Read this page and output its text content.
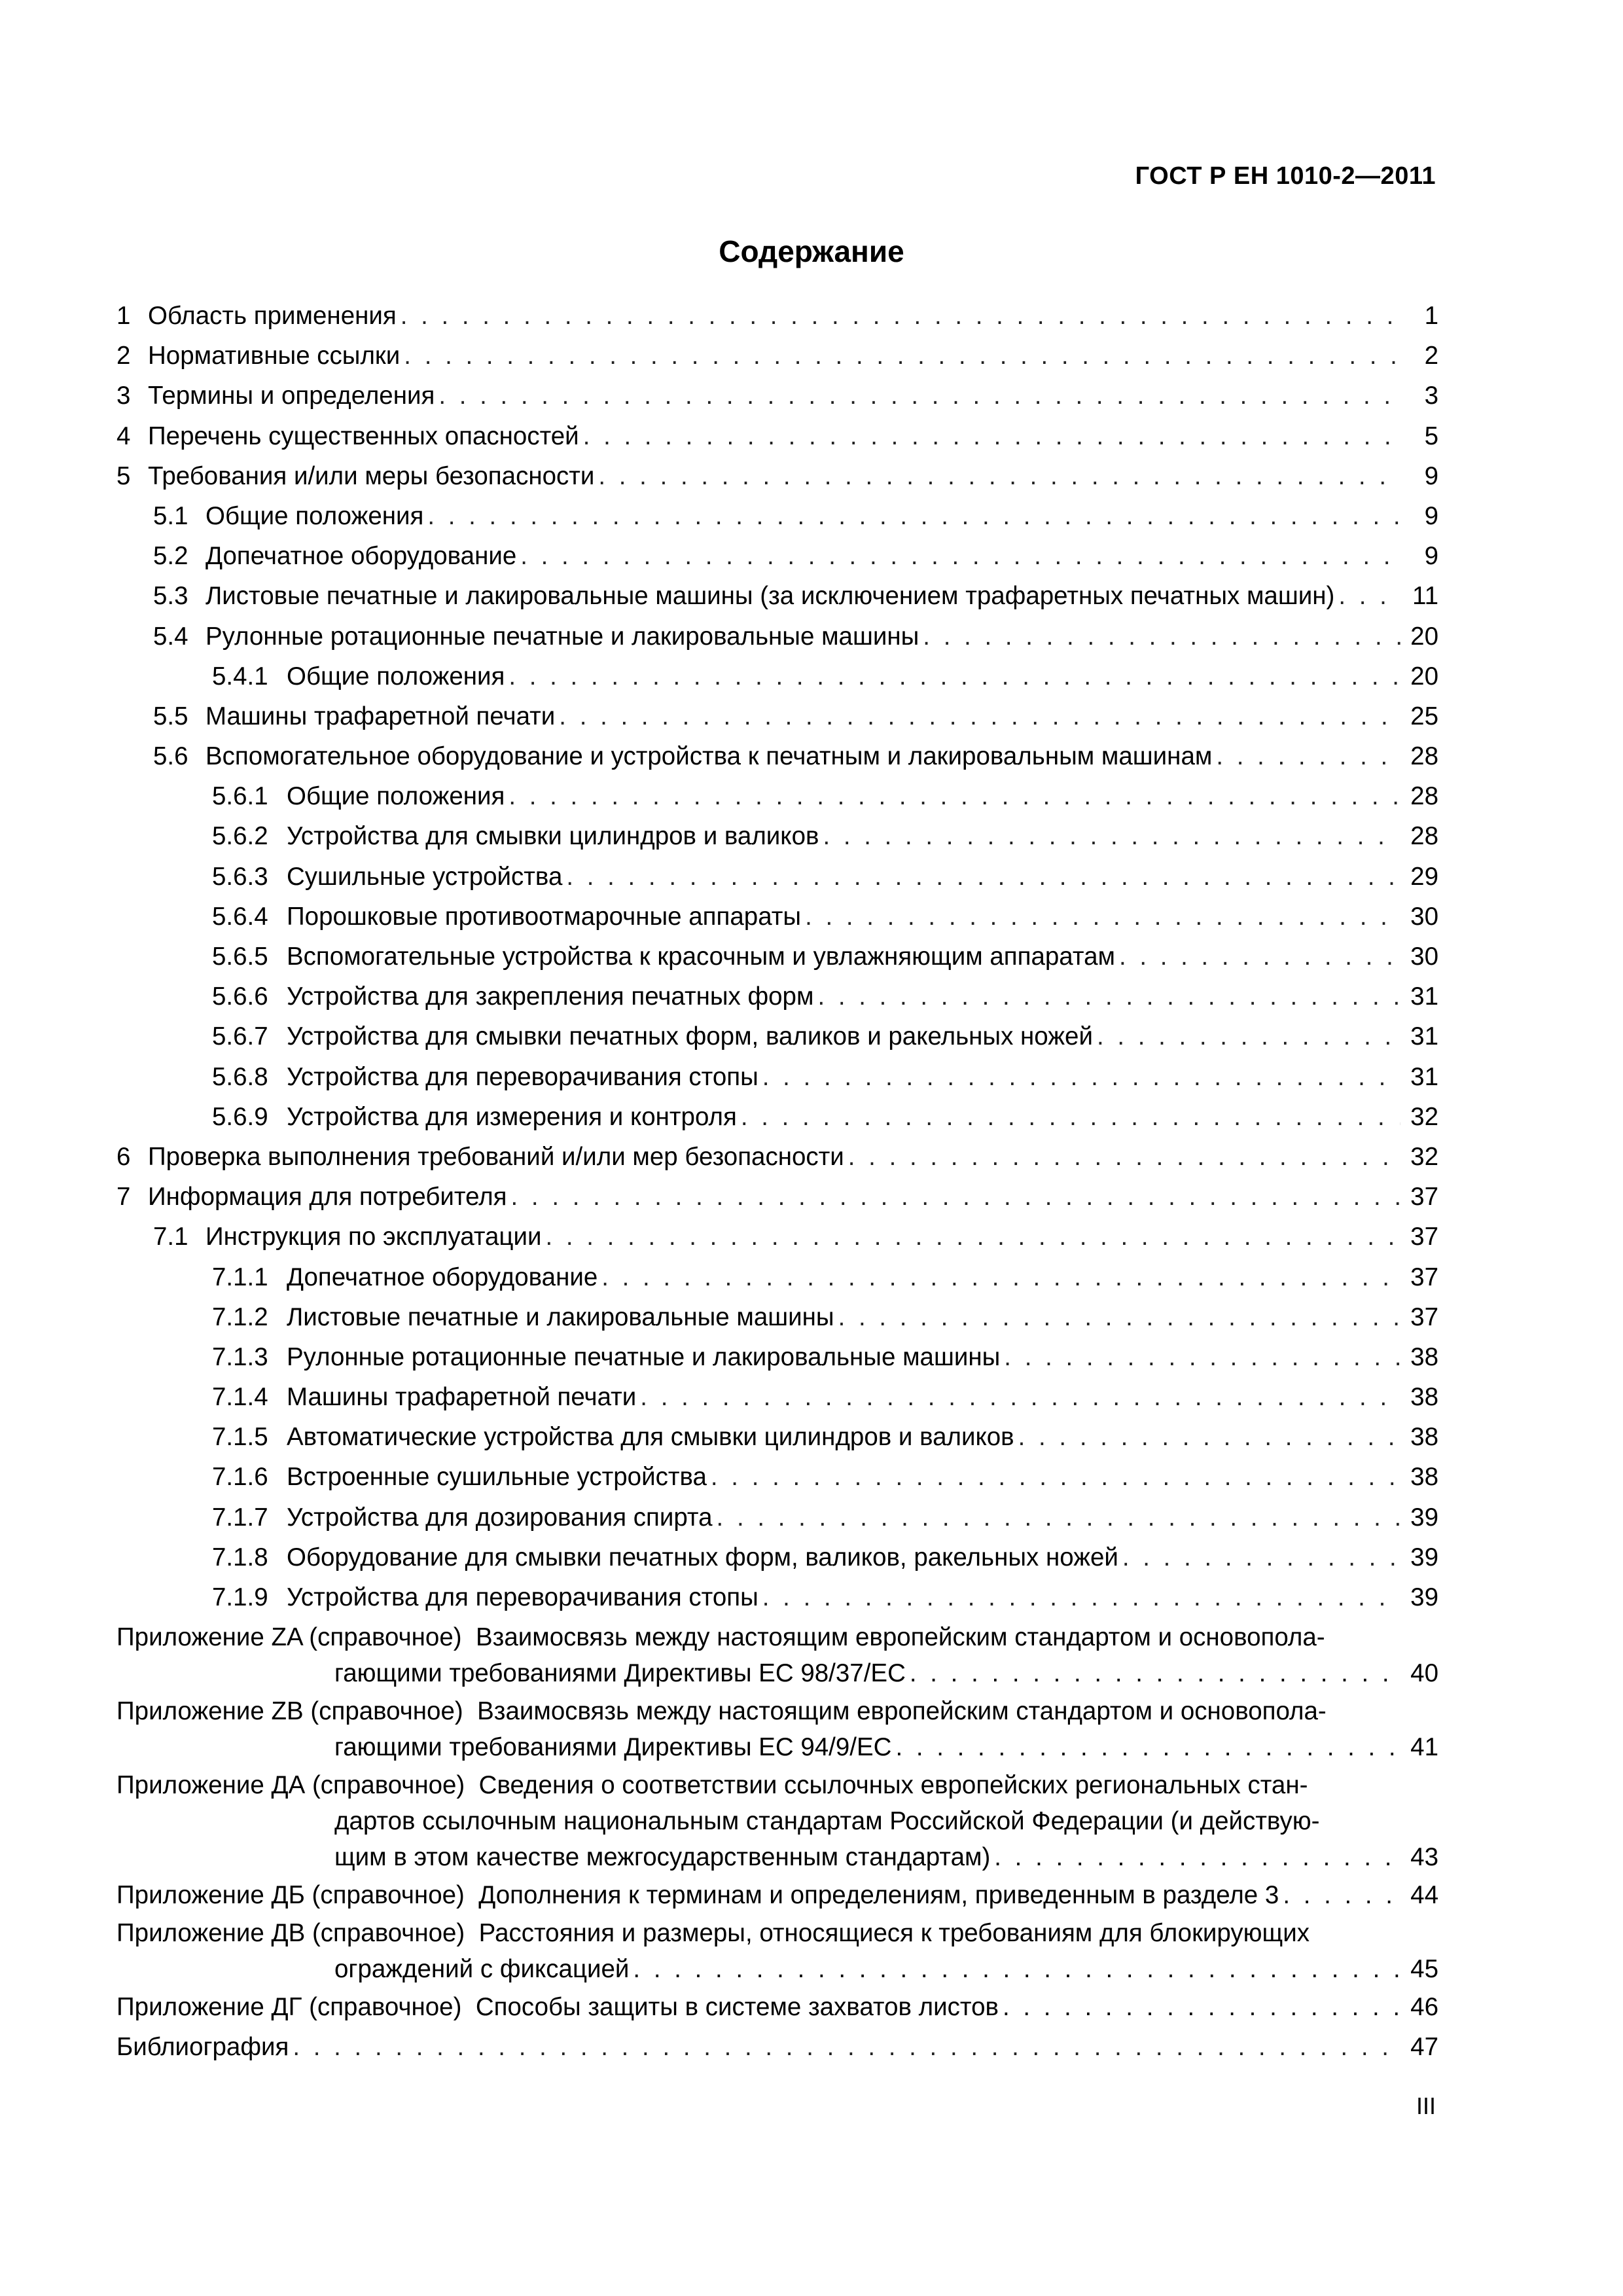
ГОСТ Р ЕН 1010-2—2011
Содержание
1 Область применения . . .	1
2 Нормативные ссылки . . .	2
3 Термины и определения . . .	3
4 Перечень существенных опасностей . . .	5
5 Требования и/или меры безопасности . . .	9
5.1 Общие положения . . .	9
5.2 Допечатное оборудование . . .	9
5.3 Листовые печатные и лакировальные машины (за исключением трафаретных печатных машин) . . .	11
5.4 Рулонные ротационные печатные и лакировальные машины . . .	20
5.4.1 Общие положения . . .	20
5.5 Машины трафаретной печати . . .	25
5.6 Вспомогательное оборудование и устройства к печатным и лакировальным машинам . . .	28
5.6.1 Общие положения . . .	28
5.6.2 Устройства для смывки цилиндров и валиков . . .	28
5.6.3 Сушильные устройства . . .	29
5.6.4 Порошковые противоотмарочные аппараты . . .	30
5.6.5 Вспомогательные устройства к красочным и увлажняющим аппаратам . . .	30
5.6.6 Устройства для закрепления печатных форм . . .	31
5.6.7 Устройства для смывки печатных форм, валиков и ракельных ножей . . .	31
5.6.8 Устройства для переворачивания стопы . . .	31
5.6.9 Устройства для измерения и контроля . . .	32
6 Проверка выполнения требований и/или мер безопасности . . .	32
7 Информация для потребителя . . .	37
7.1 Инструкция по эксплуатации . . .	37
7.1.1 Допечатное оборудование . . .	37
7.1.2 Листовые печатные и лакировальные машины . . .	37
7.1.3 Рулонные ротационные печатные и лакировальные машины . . .	38
7.1.4 Машины трафаретной печати . . .	38
7.1.5 Автоматические устройства для смывки цилиндров и валиков . . .	38
7.1.6 Встроенные сушильные устройства . . .	38
7.1.7 Устройства для дозирования спирта . . .	39
7.1.8 Оборудование для смывки печатных форм, валиков, ракельных ножей . . .	39
7.1.9 Устройства для переворачивания стопы . . .	39
Приложение ZA (справочное)
Взаимосвязь между настоящим европейским стандартом и основопола-
гающими требованиями Директивы ЕС 98/37/ЕС . . .	40
Приложение ZB (справочное)
Взаимосвязь между настоящим европейским стандартом и основопола-
гающими требованиями Директивы ЕС 94/9/ЕС . . .	41
Приложение ДА (справочное)
Сведения о соответствии ссылочных европейских региональных стан-
дартов ссылочным национальным стандартам Российской Федерации (и действую-
щим в этом качестве межгосударственным стандартам) . . .	43
Приложение ДБ (справочное)
Дополнения к терминам и определениям, приведенным в разделе 3 . . .	44
Приложение ДВ (справочное)
Расстояния и размеры, относящиеся к требованиям для блокирующих
ограждений с фиксацией . . .	45
Приложение ДГ (справочное)
Способы защиты в системе захватов листов . . .	46
Библиография . . .	47
III
